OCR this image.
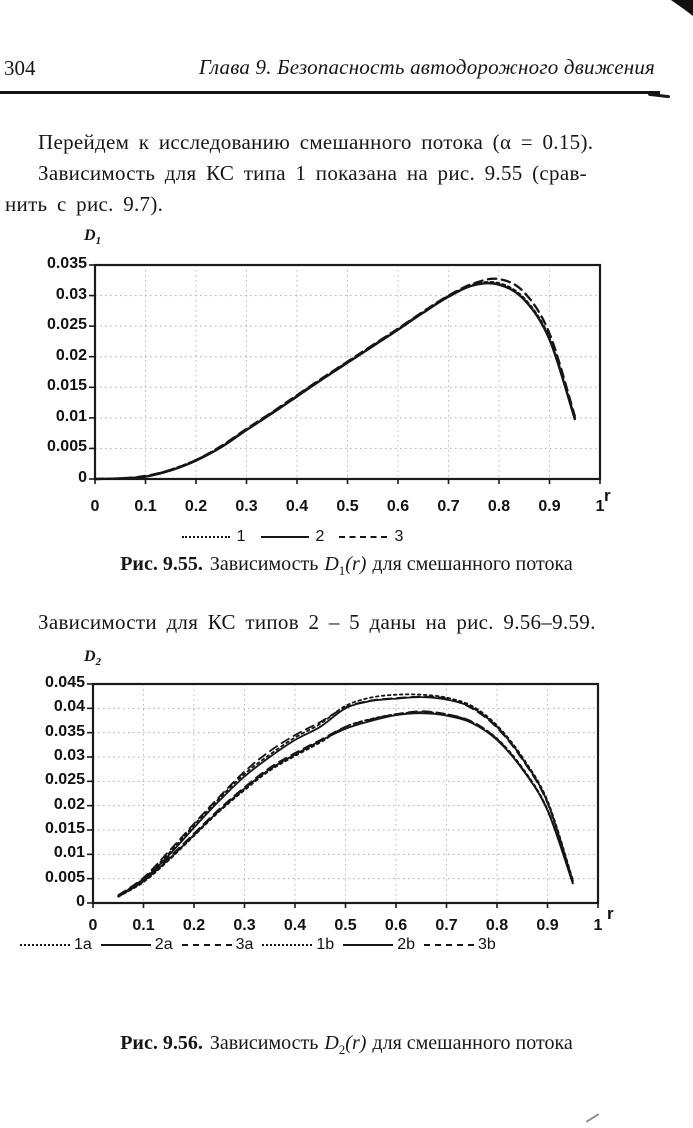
304	Глава 9. Безопасность автодорожного движения
Перейдем к исследованию смешанного потока (α = 0.15).
Зависимость для КС типа 1 показана на рис. 9.55 (срав-
нить с рис. 9.7).
Зависимости для КС типов 2 – 5 даны на рис. 9.56–9.59.
$D_1$
r
$D_2$
r
0
0.005
0.01
0.015
0.02
0.025
0.03
0.035
0	0.1	0.2	0.3	0.4	0.5	0.6	0.7	0.8	0.9	1
0
0.005
0.01
0.015
0.02
0.025
0.03
0.035
0.04
0.045
0	0.1	0.2	0.3	0.4	0.5	0.6	0.7	0.8	0.9	1
1	2	3
1a	2a	3a	1b	2b	3b
Рис. 9.55. Зависимость $D_1(r)$ для смешанного потока
Рис. 9.56. Зависимость $D_2(r)$ для смешанного потока
